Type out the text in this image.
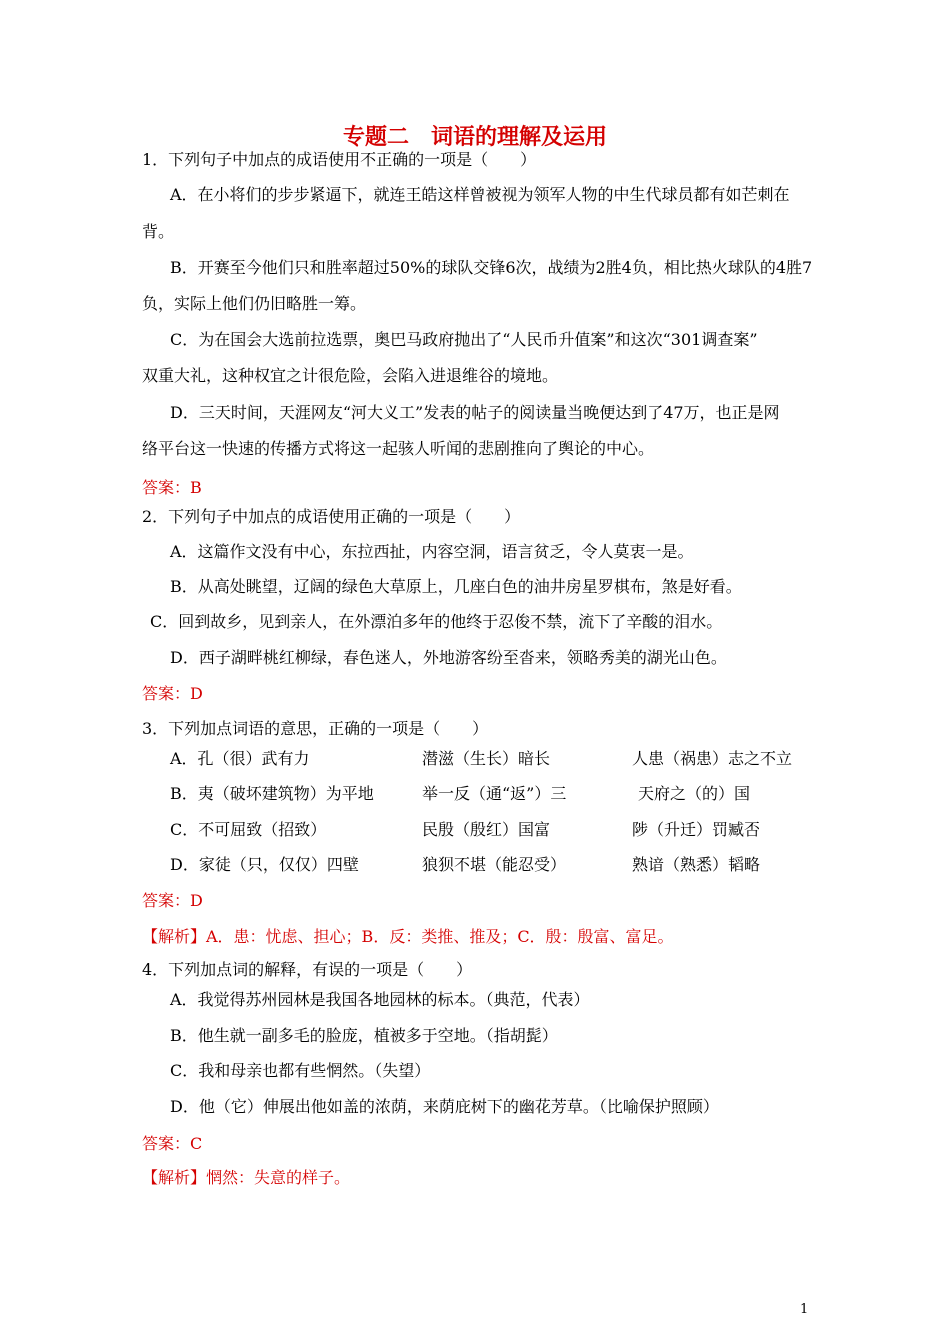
专题二　词语的理解及运用
1．下列句子中加点的成语使用不正确的一项是（　　）
A．在小将们的步步紧逼下，就连王皓这样曾被视为领军人物的中生代球员都有如芒刺在
背。
B．开赛至今他们只和胜率超过50%的球队交锋6次，战绩为2胜4负，相比热火球队的4胜7
负，实际上他们仍旧略胜一筹。
C．为在国会大选前拉选票，奥巴马政府抛出了“人民币升值案”和这次“301调查案”
双重大礼，这种权宜之计很危险，会陷入进退维谷的境地。
D．三天时间，天涯网友“河大义工”发表的帖子的阅读量当晚便达到了47万，也正是网
络平台这一快速的传播方式将这一起骇人听闻的悲剧推向了舆论的中心。
答案：B
2．下列句子中加点的成语使用正确的一项是（　　）
A．这篇作文没有中心，东拉西扯，内容空洞，语言贫乏，令人莫衷一是。
B．从高处眺望，辽阔的绿色大草原上，几座白色的油井房星罗棋布，煞是好看。
C．回到故乡，见到亲人，在外漂泊多年的他终于忍俊不禁，流下了辛酸的泪水。
D．西子湖畔桃红柳绿，春色迷人，外地游客纷至沓来，领略秀美的湖光山色。
答案：D
3．下列加点词语的意思，正确的一项是（　　）
A．孔（很）武有力	潜滋（生长）暗长	人患（祸患）志之不立
B．夷（破坏建筑物）为平地	举一反（通“返”）三	天府之（的）国
C．不可屈致（招致）	民殷（殷红）国富	陟（升迁）罚臧否
D．家徒（只，仅仅）四壁	狼狈不堪（能忍受）	熟谙（熟悉）韬略
答案：D
【解析】A．患：忧虑、担心；B．反：类推、推及；C．殷：殷富、富足。
4．下列加点词的解释，有误的一项是（　　）
A．我觉得苏州园林是我国各地园林的标本。（典范，代表）
B．他生就一副多毛的脸庞，植被多于空地。（指胡髭）
C．我和母亲也都有些惘然。（失望）
D．他（它）伸展出他如盖的浓荫，来荫庇树下的幽花芳草。（比喻保护照顾）
答案：C
【解析】惘然：失意的样子。
1
